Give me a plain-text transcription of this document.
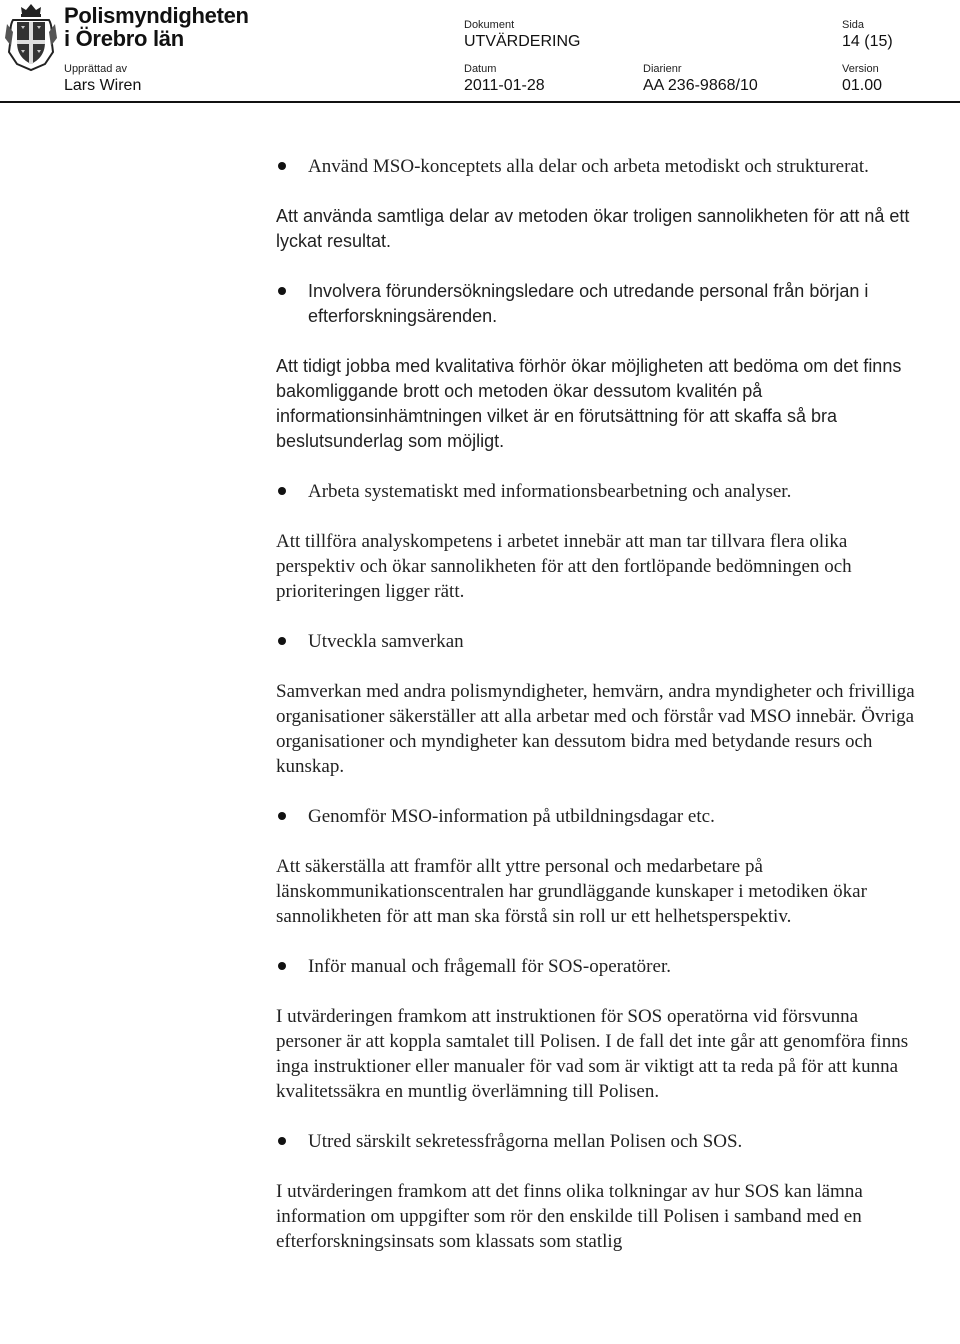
Polismyndigheten
i Örebro län
Dokument
UTVÄRDERING
Sida
14 (15)
Upprättad av
Lars Wiren
Datum
2011-01-28
Diarienr
AA 236-9868/10
Version
01.00
Använd MSO-konceptets alla delar och arbeta metodiskt och strukturerat.

Att använda samtliga delar av metoden ökar troligen sannolikheten för att nå ett lyckat resultat.

Involvera förundersökningsledare och utredande personal från början i efterforskningsärenden.

Att tidigt jobba med kvalitativa förhör ökar möjligheten att bedöma om det finns bakomliggande brott och metoden ökar dessutom kvalitén på informationsinhämtningen vilket är en förutsättning för att skaffa så bra beslutsunderlag som möjligt.

Arbeta systematiskt med informationsbearbetning och analyser.

Att tillföra analyskompetens i arbetet innebär att man tar tillvara flera olika perspektiv och ökar sannolikheten för att den fortlöpande bedömningen och prioriteringen ligger rätt.

Utveckla samverkan

Samverkan med andra polismyndigheter, hemvärn, andra myndigheter och frivilliga organisationer säkerställer att alla arbetar med och förstår vad MSO innebär. Övriga organisationer och myndigheter kan dessutom bidra med betydande resurs och kunskap.

Genomför MSO-information på utbildningsdagar etc.

Att säkerställa att framför allt yttre personal och medarbetare på länskommunikationscentralen har grundläggande kunskaper i metodiken ökar sannolikheten för att man ska förstå sin roll ur ett helhetsperspektiv.

Inför manual och frågemall för SOS-operatörer.

I utvärderingen framkom att instruktionen för SOS operatörna vid försvunna personer är att koppla samtalet till Polisen. I de fall det inte går att genomföra finns inga instruktioner eller manualer för vad som är viktigt att ta reda på för att kunna kvalitetssäkra en muntlig överlämning till Polisen.

Utred särskilt sekretessfrågorna mellan Polisen och SOS.

I utvärderingen framkom att det finns olika tolkningar av hur SOS kan lämna information om uppgifter som rör den enskilde till Polisen i samband med en efterforskningsinsats som klassats som statlig
